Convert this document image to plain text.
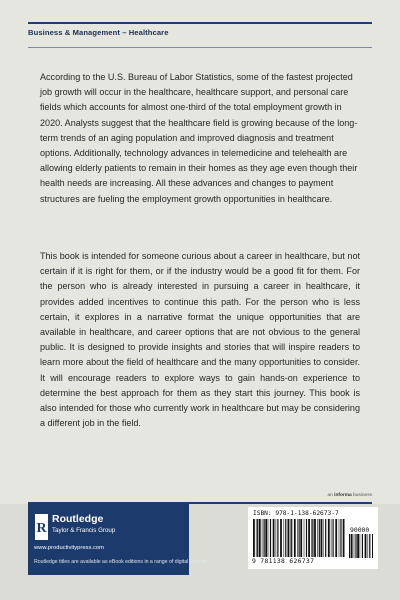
Business & Management – Healthcare

According to the U.S. Bureau of Labor Statistics, some of the fastest projected job growth will occur in the healthcare, healthcare support, and personal care fields which accounts for almost one-third of the total employment growth in 2020. Analysts suggest that the healthcare field is growing because of the long-term trends of an aging population and improved diagnosis and treatment options. Additionally, technology advances in telemedicine and telehealth are allowing elderly patients to remain in their homes as they age even though their health needs are increasing. All these advances and changes to payment structures are fueling the employment growth opportunities in healthcare.

This book is intended for someone curious about a career in healthcare, but not certain if it is right for them, or if the industry would be a good fit for them. For the person who is already interested in pursuing a career in healthcare, it provides added incentives to continue this path. For the person who is less certain, it explores in a narrative format the unique opportunities that are available in healthcare, and career options that are not obvious to the general public. It is designed to provide insights and stories that will inspire readers to learn more about the field of healthcare and the many opportunities to consider. It will encourage readers to explore ways to gain hands-on experience to determine the best approach for them as they start this journey. This book is also intended for those who currently work in healthcare but may be considering a different job in the field.

an informa business
R
Routledge
Taylor & Francis Group
www.productivitypress.com
Routledge titles are available as eBook editions in a range of digital formats
ISBN: 978-1-138-62673-7
90000
9 781138 626737
